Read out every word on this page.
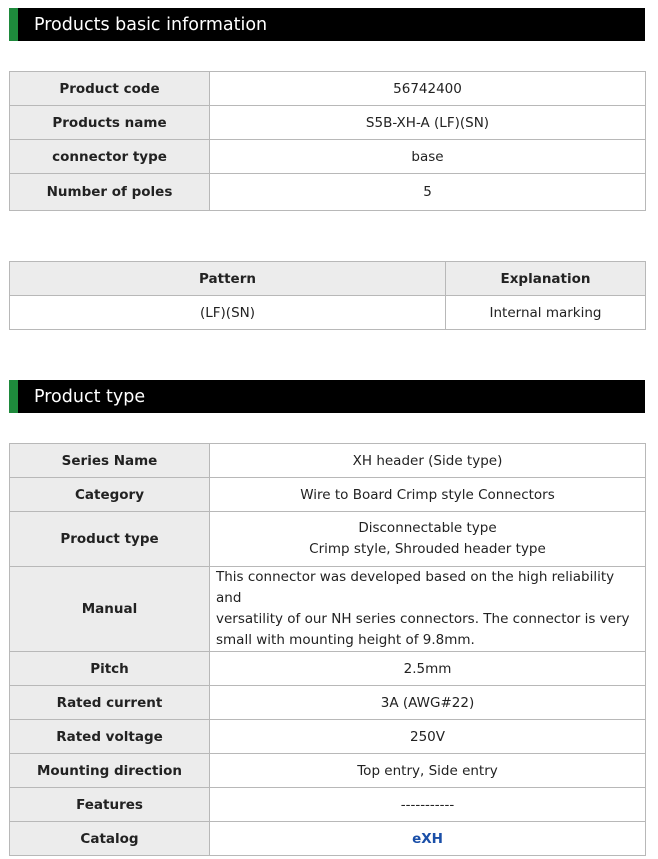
Products basic information
Product code	56742400
Products name	S5B-XH-A (LF)(SN)
connector type	base
Number of poles	5
Pattern	Explanation
(LF)(SN)	Internal marking
Product type
Series Name	XH header (Side type)
Category	Wire to Board Crimp style Connectors
Product type	Disconnectable type
Crimp style, Shrouded header type

Manual	This connector was developed based on the high reliability and
versatility of our NH series connectors. The connector is very
small with mounting height of 9.8mm.

Pitch	2.5mm
Rated current	3A (AWG#22)
Rated voltage	250V
Mounting direction	Top entry, Side entry
Features	-----------
Catalog	eXH
